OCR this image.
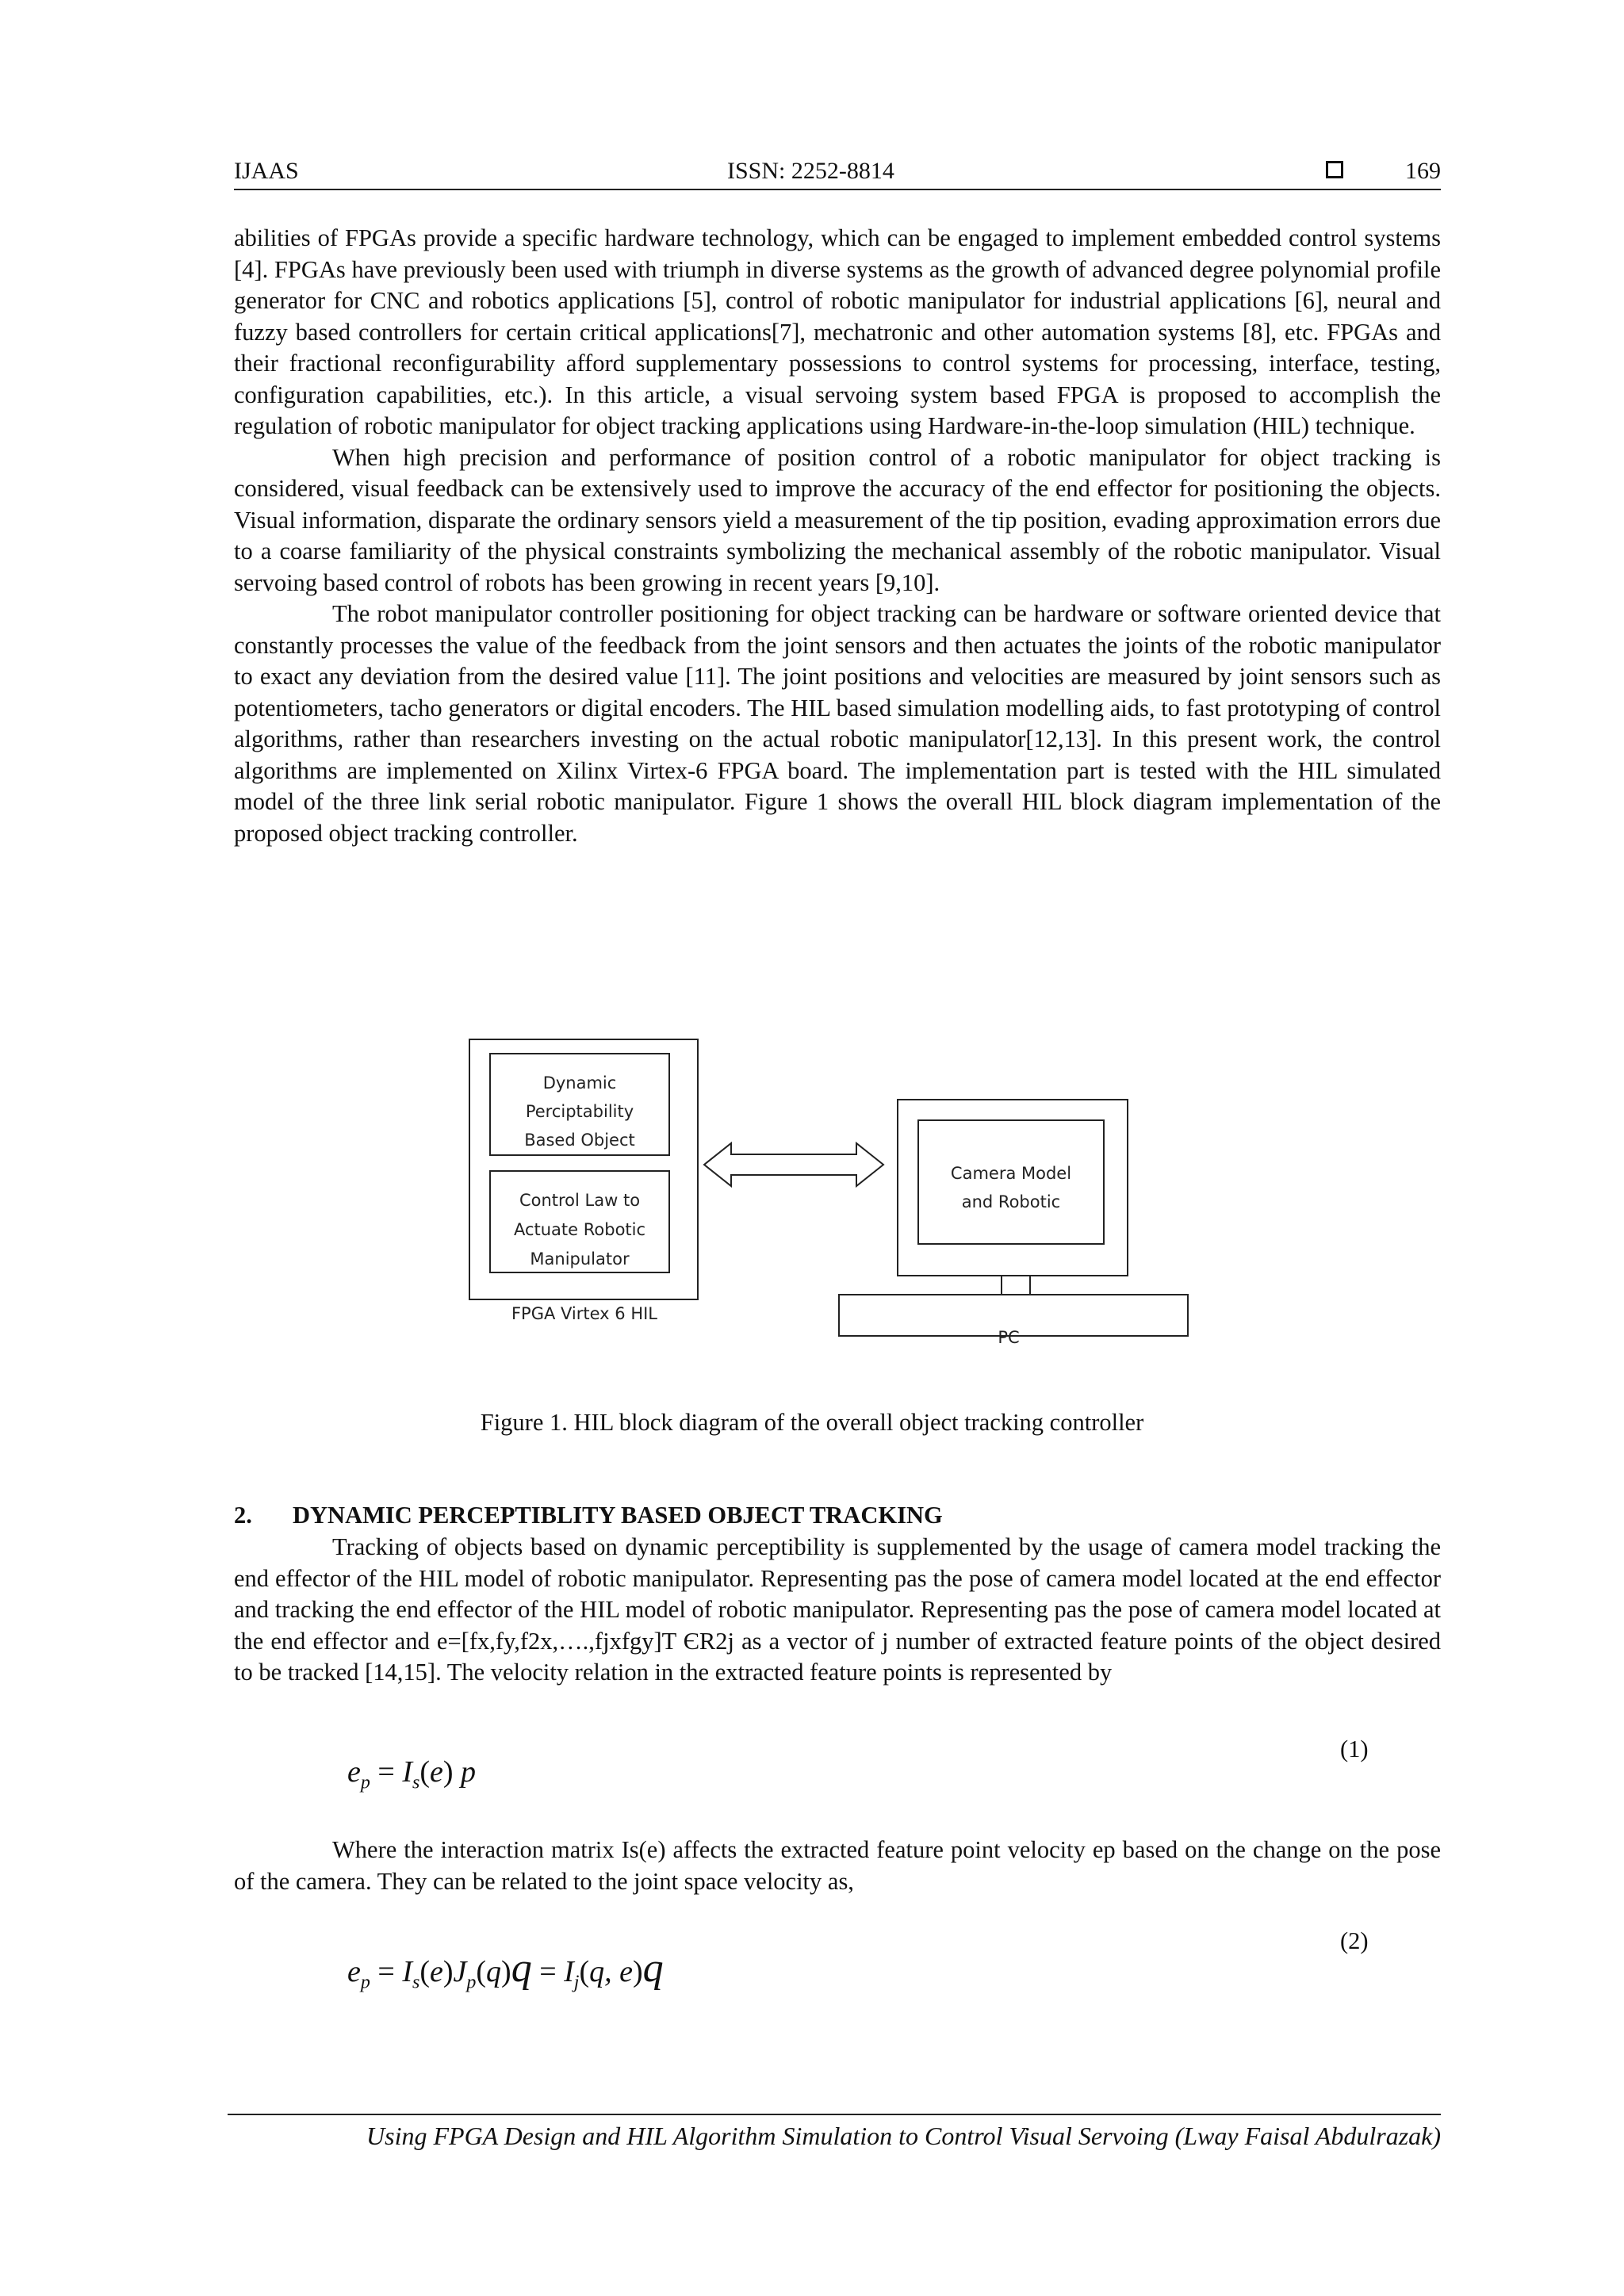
IJAAS	ISSN: 2252-8814	169

abilities of FPGAs provide a specific hardware technology, which can be engaged to implement embedded control systems [4]. FPGAs have previously been used with triumph in diverse systems as the growth of advanced degree polynomial profile generator for CNC and robotics applications [5], control of robotic manipulator for industrial applications [6], neural and fuzzy based controllers for certain critical applications[7], mechatronic and other automation systems [8], etc. FPGAs and their fractional reconfigurability afford supplementary possessions to control systems for processing, interface, testing, configuration capabilities, etc.). In this article, a visual servoing system based FPGA is proposed to accomplish the regulation of robotic manipulator for object tracking applications using Hardware-in-the-loop simulation (HIL) technique.

When high precision and performance of position control of a robotic manipulator for object tracking is considered, visual feedback can be extensively used to improve the accuracy of the end effector for positioning the objects. Visual information, disparate the ordinary sensors yield a measurement of the tip position, evading approximation errors due to a coarse familiarity of the physical constraints symbolizing the mechanical assembly of the robotic manipulator. Visual servoing based control of robots has been growing in recent years [9,10].

The robot manipulator controller positioning for object tracking can be hardware or software oriented device that constantly processes the value of the feedback from the joint sensors and then actuates the joints of the robotic manipulator to exact any deviation from the desired value [11]. The joint positions and velocities are measured by joint sensors such as potentiometers, tacho generators or digital encoders. The HIL based simulation modelling aids, to fast prototyping of control algorithms, rather than researchers investing on the actual robotic manipulator[12,13]. In this present work, the control algorithms are implemented on Xilinx Virtex-6 FPGA board. The implementation part is tested with the HIL simulated model of the three link serial robotic manipulator. Figure 1 shows the overall HIL block diagram implementation of the proposed object tracking controller.

Dynamic
Perciptability
Based Object
Control Law to
Actuate Robotic
Manipulator
FPGA Virtex 6 HIL
Camera Model
and Robotic
PC
Figure 1. HIL block diagram of the overall object tracking controller
2. DYNAMIC PERCEPTIBLITY BASED OBJECT TRACKING

Tracking of objects based on dynamic perceptibility is supplemented by the usage of camera model tracking the end effector of the HIL model of robotic manipulator. Representing pas the pose of camera model located at the end effector and tracking the end effector of the HIL model of robotic manipulator. Representing pas the pose of camera model located at the end effector and e=[fx,fy,f2x,….,fjxfgy]T ЄR2j as a vector of j number of extracted feature points of the object desired to be tracked [14,15]. The velocity relation in the extracted feature points is represented by

$e_p = I_s(e)$ p
(1)

Where the interaction matrix Is(e) affects the extracted feature point velocity ep based on the change on the pose of the camera. They can be related to the joint space velocity as,

$e_p = I_s(e)J_p(q)q = I_j(q$, e)q
(2)
Using FPGA Design and HIL Algorithm Simulation to Control Visual Servoing (Lway Faisal Abdulrazak)
